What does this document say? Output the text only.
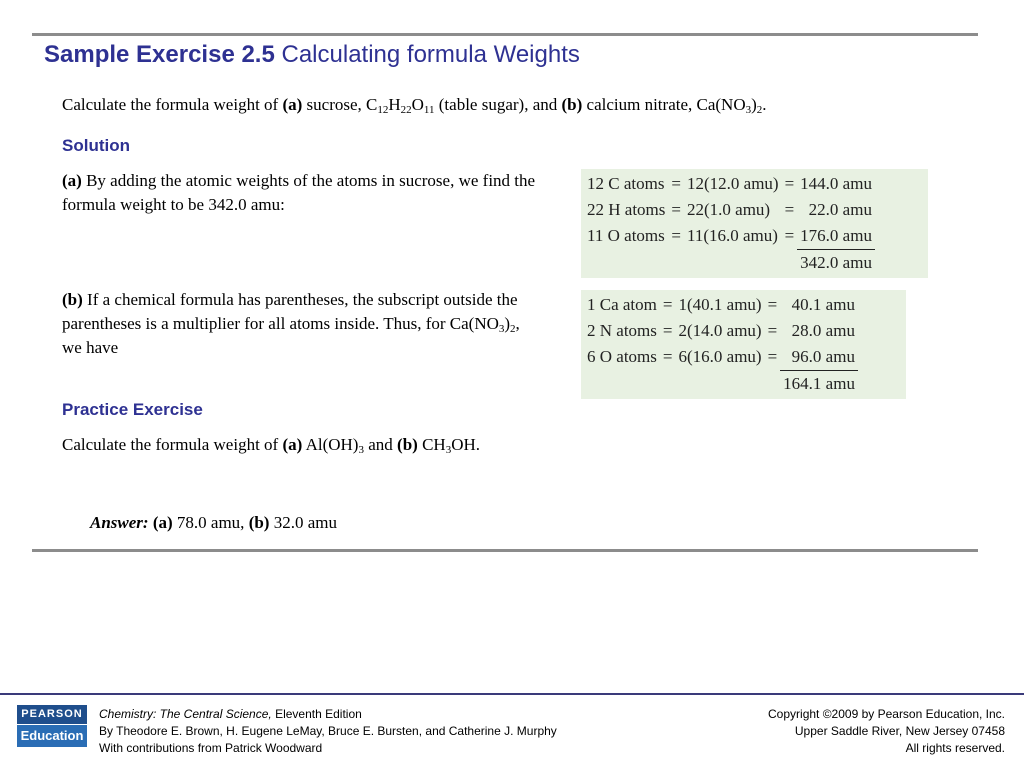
Sample Exercise 2.5 Calculating formula Weights
Calculate the formula weight of (a) sucrose, $C_{12}H_{22}O_{11}$ (table sugar), and (b) calcium nitrate, $Ca(NO_3)_2$.
Solution
(a) By adding the atomic weights of the atoms in sucrose, we find the formula weight to be 342.0 amu:
12 C atoms	=	12(12.0 amu)	=	144.0 amu
22 H atoms	=	22(1.0 amu)	=	22.0 amu
11 O atoms	=	11(16.0 amu)	=	176.0 amu
				342.0 amu
(b) If a chemical formula has parentheses, the subscript outside the parentheses is a multiplier for all atoms inside. Thus, for $Ca(NO_3)_2$, we have
1 Ca atom	=	1(40.1 amu)	=	40.1 amu
2 N atoms	=	2(14.0 amu)	=	28.0 amu
6 O atoms	=	6(16.0 amu)	=	96.0 amu
				164.1 amu
Practice Exercise
Calculate the formula weight of (a) $Al(OH)_3$ and (b) $CH_3OH$.
Answer: (a) 78.0 amu, (b) 32.0 amu
PEARSON
Education
Chemistry: The Central Science, Eleventh Edition
By Theodore E. Brown, H. Eugene LeMay, Bruce E. Bursten, and Catherine J. Murphy
With contributions from Patrick Woodward
Copyright ©2009 by Pearson Education, Inc.
Upper Saddle River, New Jersey 07458
All rights reserved.
